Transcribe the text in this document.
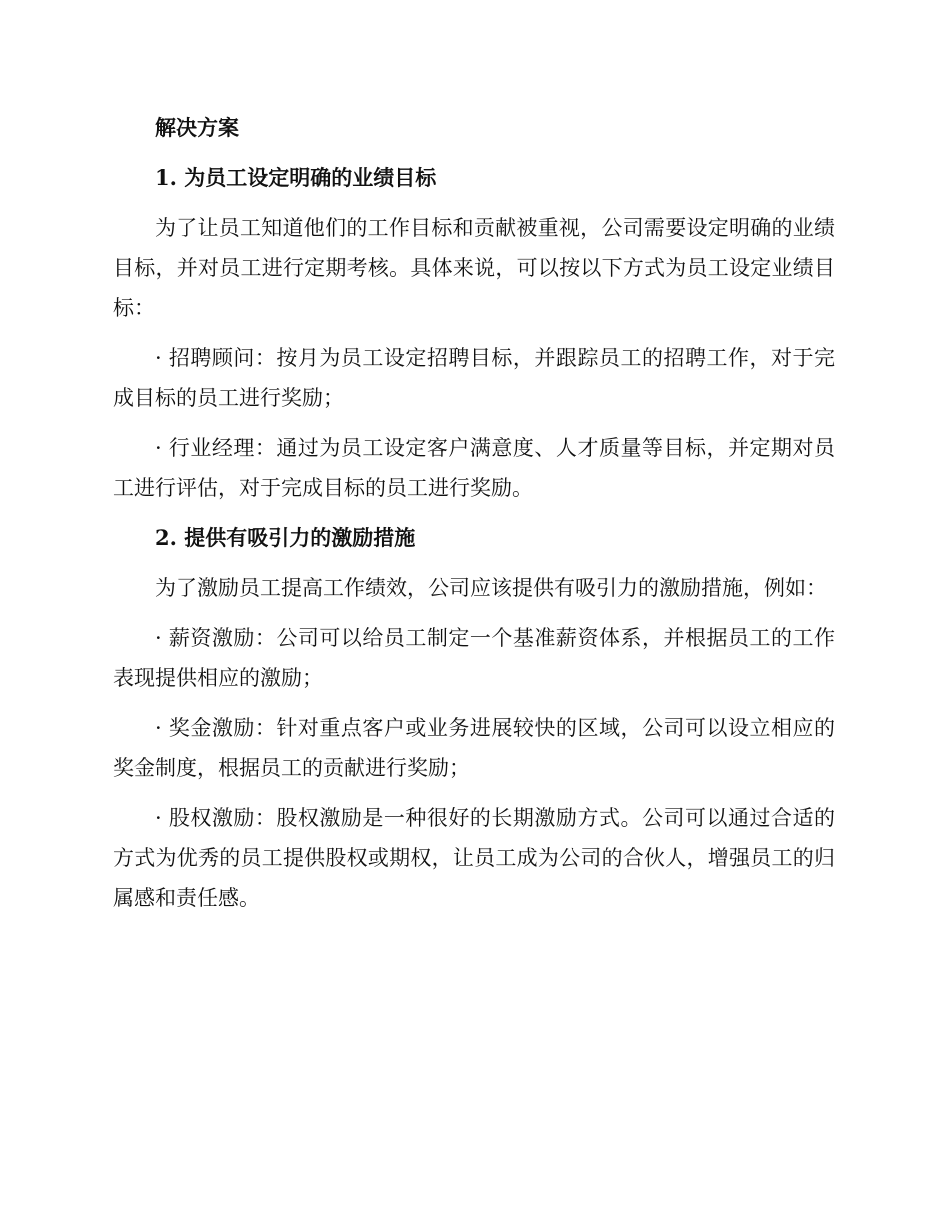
解决方案
1. 为员工设定明确的业绩目标

为了让员工知道他们的工作目标和贡献被重视，公司需要设定明确的业绩目标，并对员工进行定期考核。具体来说，可以按以下方式为员工设定业绩目标：

· 招聘顾问：按月为员工设定招聘目标，并跟踪员工的招聘工作，对于完成目标的员工进行奖励；

· 行业经理：通过为员工设定客户满意度、人才质量等目标，并定期对员工进行评估，对于完成目标的员工进行奖励。

2. 提供有吸引力的激励措施

为了激励员工提高工作绩效，公司应该提供有吸引力的激励措施，例如：

· 薪资激励：公司可以给员工制定一个基准薪资体系，并根据员工的工作表现提供相应的激励；

· 奖金激励：针对重点客户或业务进展较快的区域，公司可以设立相应的奖金制度，根据员工的贡献进行奖励；

· 股权激励：股权激励是一种很好的长期激励方式。公司可以通过合适的方式为优秀的员工提供股权或期权，让员工成为公司的合伙人，增强员工的归属感和责任感。
